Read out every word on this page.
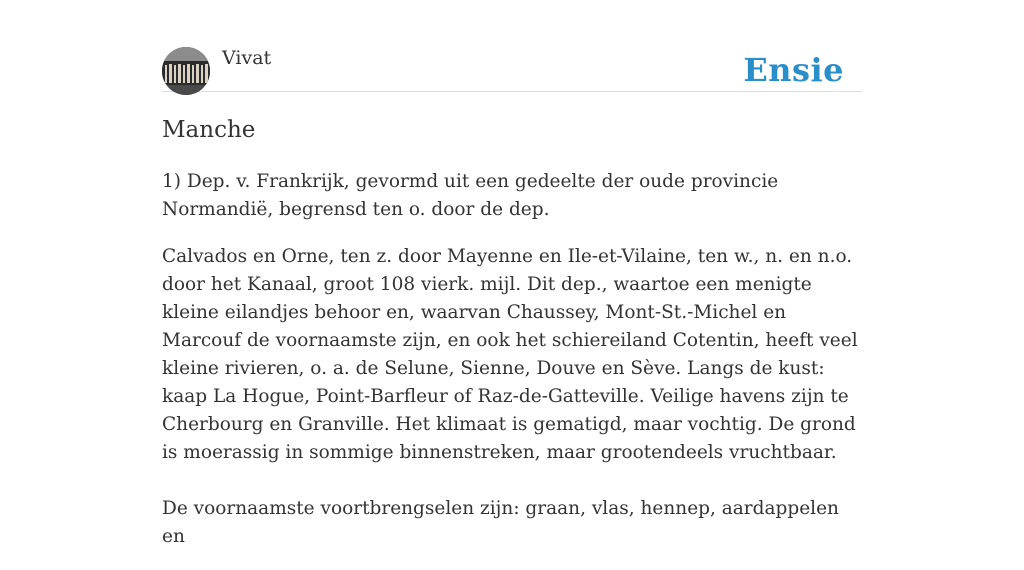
Vivat	Ensie
Manche

1) Dep. v. Frankrijk, gevormd uit een gedeelte der oude provincie Normandië, begrensd ten o. door de dep.

Calvados en Orne, ten z. door Mayenne en Ile-et-Vilaine, ten w., n. en n.o. door het Kanaal, groot 108 vierk. mijl. Dit dep., waartoe een menigte kleine eilandjes behoor en, waarvan Chaussey, Mont-St.-Michel en Marcouf de voornaamste zijn, en ook het schiereiland Cotentin, heeft veel kleine rivieren, o. a. de Selune, Sienne, Douve en Sève. Langs de kust: kaap La Hogue, Point-Barfleur of Raz-de-Gatteville. Veilige havens zijn te Cherbourg en Granville. Het klimaat is gematigd, maar vochtig. De grond is moerassig in sommige binnenstreken, maar grootendeels vruchtbaar.

De voornaamste voortbrengselen zijn: graan, vlas, hennep, aardappelen en
